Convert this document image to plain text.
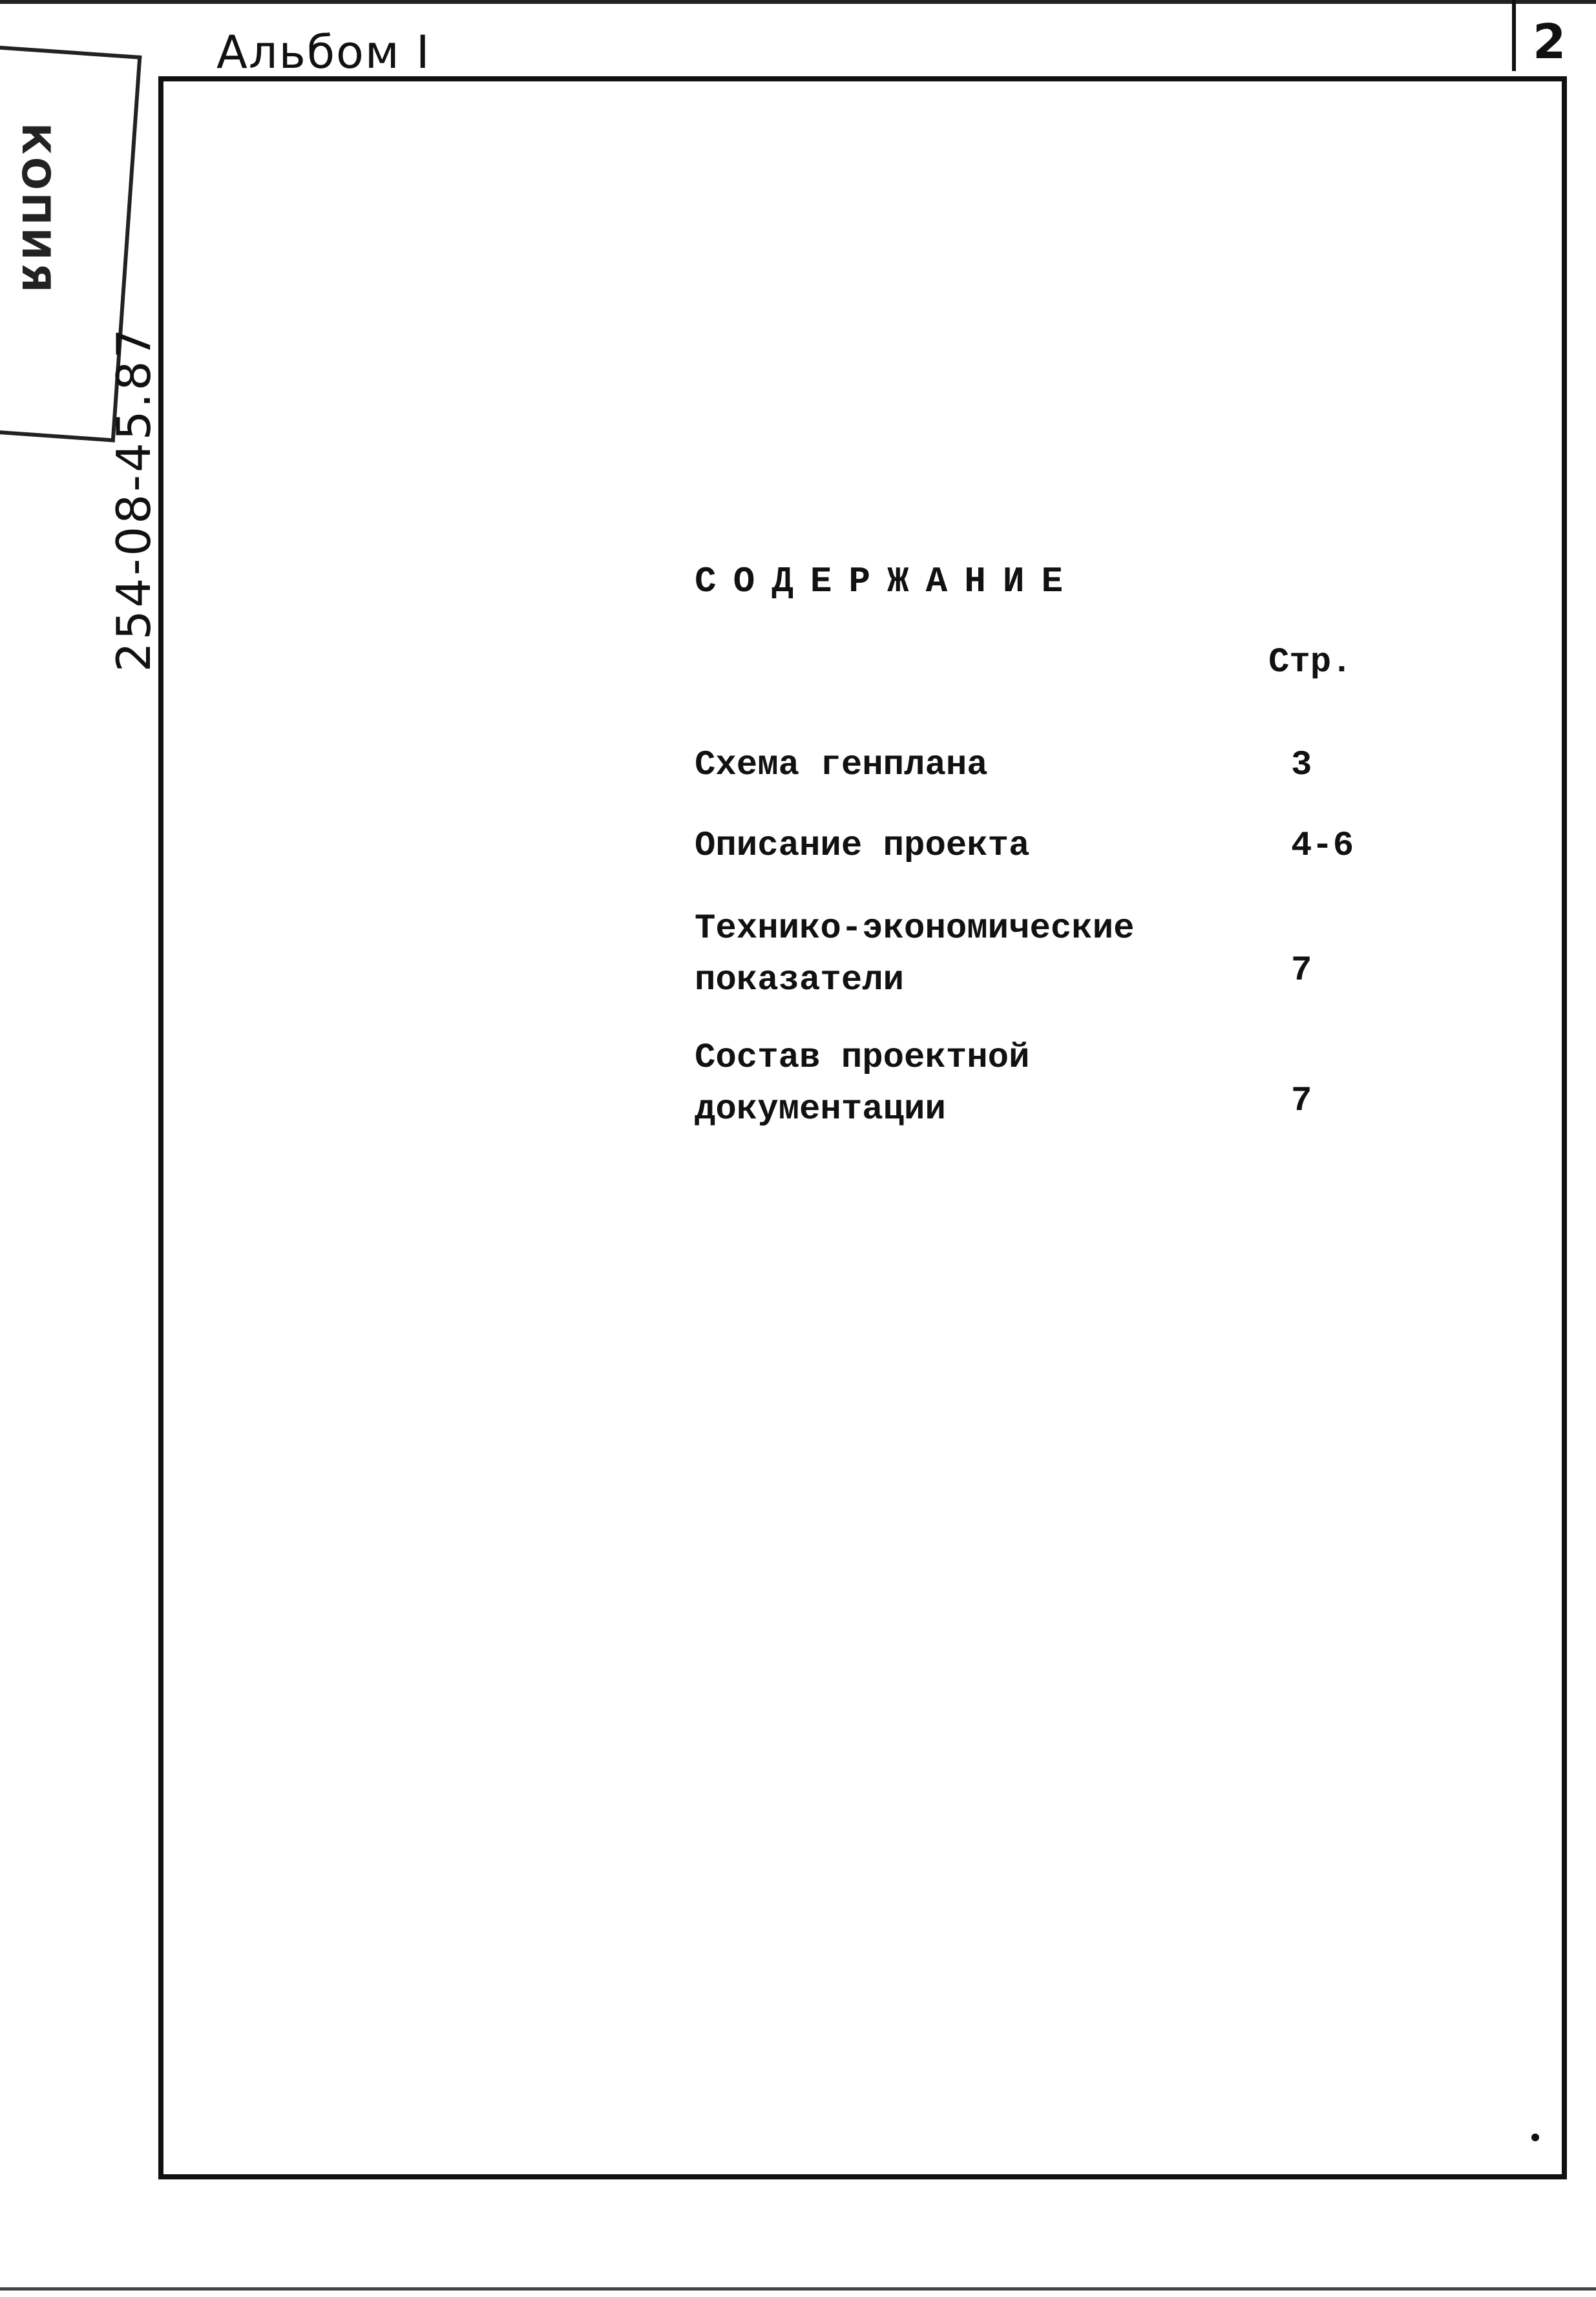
Альбом I	2
КОПИЯ
254-08-45.87	СОДЕРЖАНИЕ
Стр.
Схема генплана	3
Описание проекта	4-6
Технико-экономические
показатели	7
Состав проектной
документации	7
